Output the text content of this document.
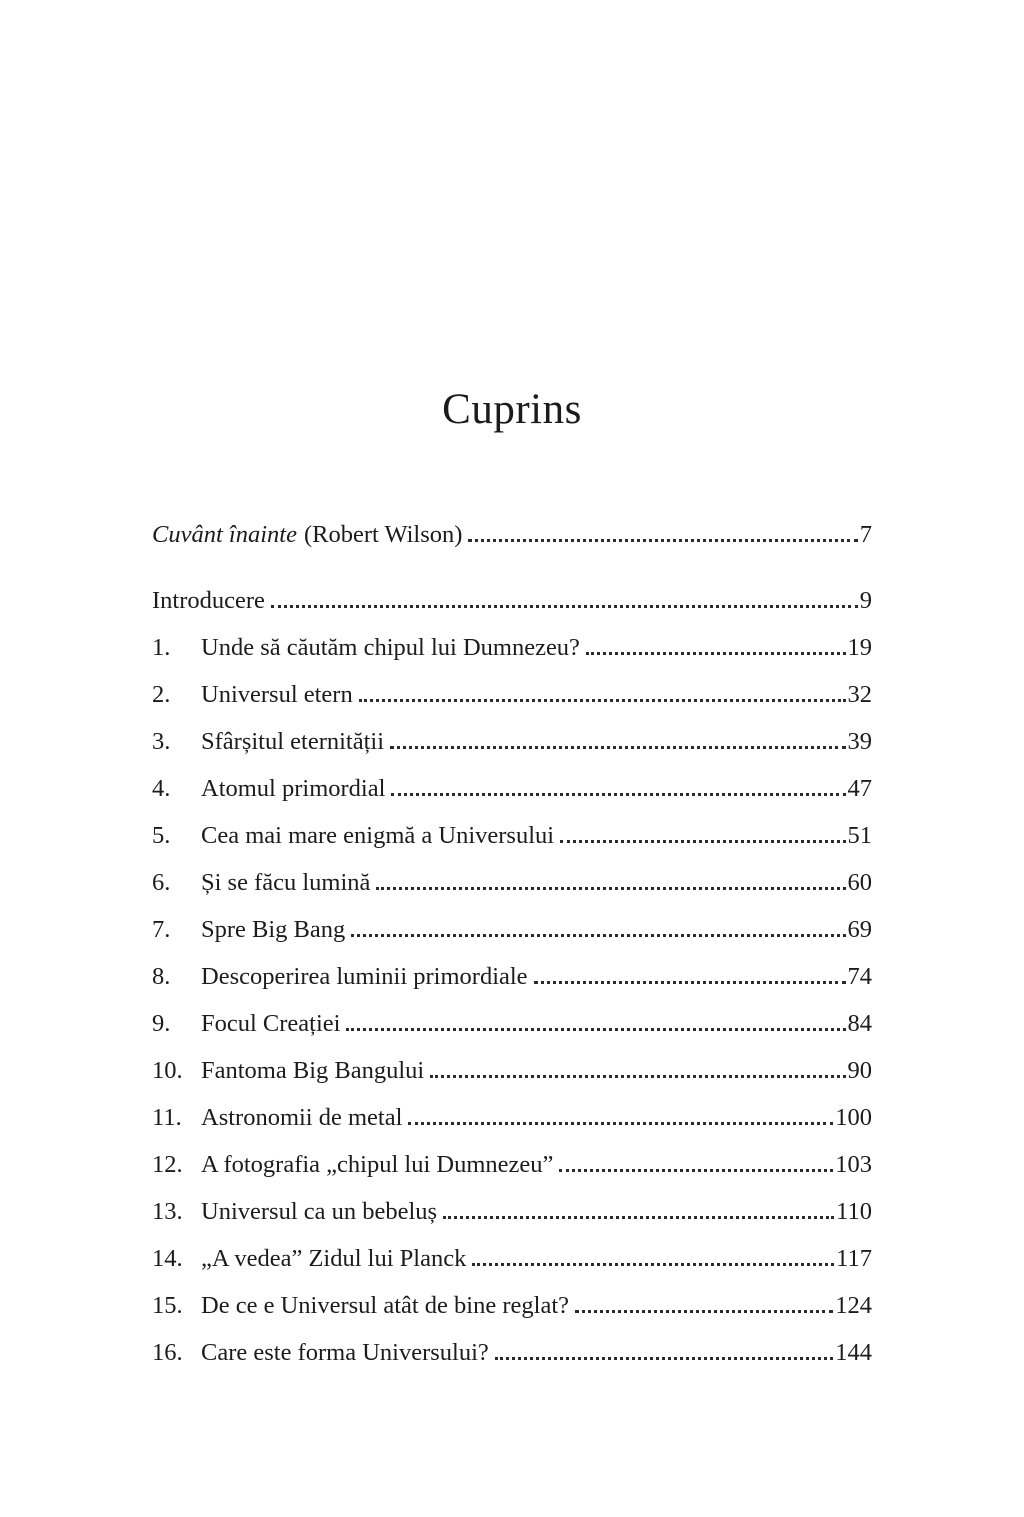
Cuprins
Cuvânt înainte (Robert Wilson)	7
Introducere	9
1.	Unde să căutăm chipul lui Dumnezeu?	19
2.	Universul etern	32
3.	Sfârșitul eternității	39
4.	Atomul primordial	47
5.	Cea mai mare enigmă a Universului	51
6.	Și se făcu lumină	60
7.	Spre Big Bang	69
8.	Descoperirea luminii primordiale	74
9.	Focul Creației	84
10. Fantoma Big Bangului	90
11. Astronomii de metal	100
12. A fotografia „chipul lui Dumnezeu”	103
13. Universul ca un bebeluș	110
14. „A vedea” Zidul lui Planck	117
15. De ce e Universul atât de bine reglat?	124
16. Care este forma Universului?	144
